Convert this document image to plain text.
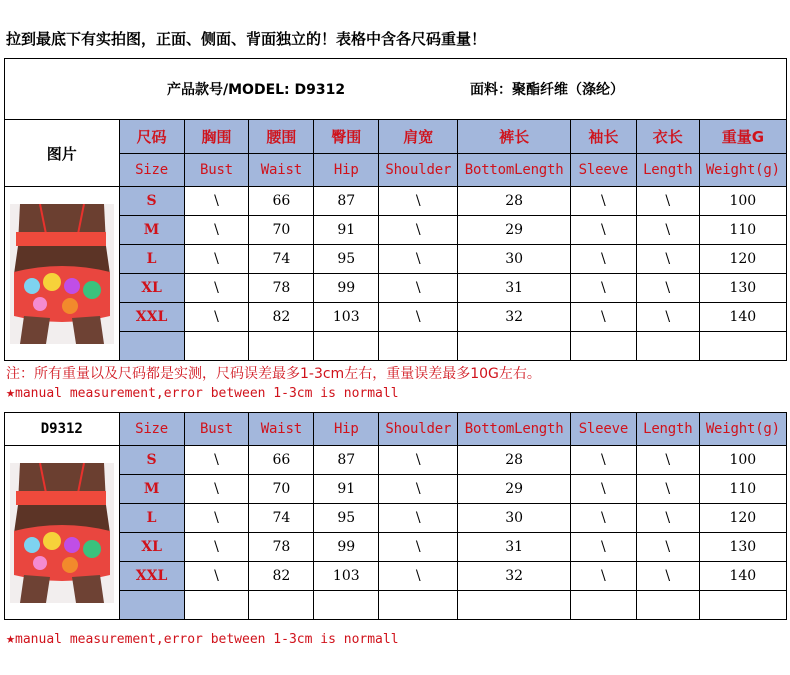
拉到最底下有实拍图，正面、侧面、背面独立的！表格中含各尺码重量！
产品款号/MODEL: D9312 面料：聚酯纤维（涤纶）									
图片	尺码	胸围	腰围	臀围	肩宽	裤长	袖长	衣长	重量G
	Size	Bust	Waist	Hip	Shoulder	BottomLength	Sleeve	Length	Weight(g)

	S	\	66	87	\	28	\	\	100
	M	\	70	91	\	29	\	\	110
	L	\	74	95	\	30	\	\	120
	XL	\	78	99	\	31	\	\	130
	XXL	\	82	103	\	32	\	\	140

注：所有重量以及尺码都是实测，尺码误差最多1-3cm左右，重量误差最多10G左右。
★manual measurement,error between 1-3cm is normall
D9312	Size	Bust	Waist	Hip	Shoulder	BottomLength	Sleeve	Length	Weight(g)

	S	\	66	87	\	28	\	\	100
	M	\	70	91	\	29	\	\	110
	L	\	74	95	\	30	\	\	120
	XL	\	78	99	\	31	\	\	130
	XXL	\	82	103	\	32	\	\	140

★manual measurement,error between 1-3cm is normall
